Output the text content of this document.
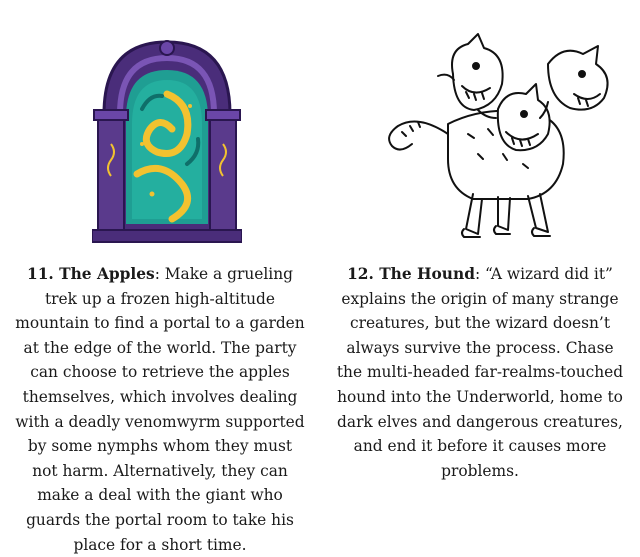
11. The Apples: Make a grueling trek up a frozen high-altitude mountain to find a portal to a garden at the edge of the world. The party can choose to retrieve the apples themselves, which involves dealing with a deadly venomwyrm supported by some nymphs whom they must not harm. Alternatively, they can make a deal with the giant who guards the portal room to take his place for a short time.
12. The Hound: “A wizard did it” explains the origin of many strange creatures, but the wizard doesn’t always survive the process. Chase the multi-headed far-realms-touched hound into the Underworld, home to dark elves and dangerous creatures, and end it before it causes more problems.
